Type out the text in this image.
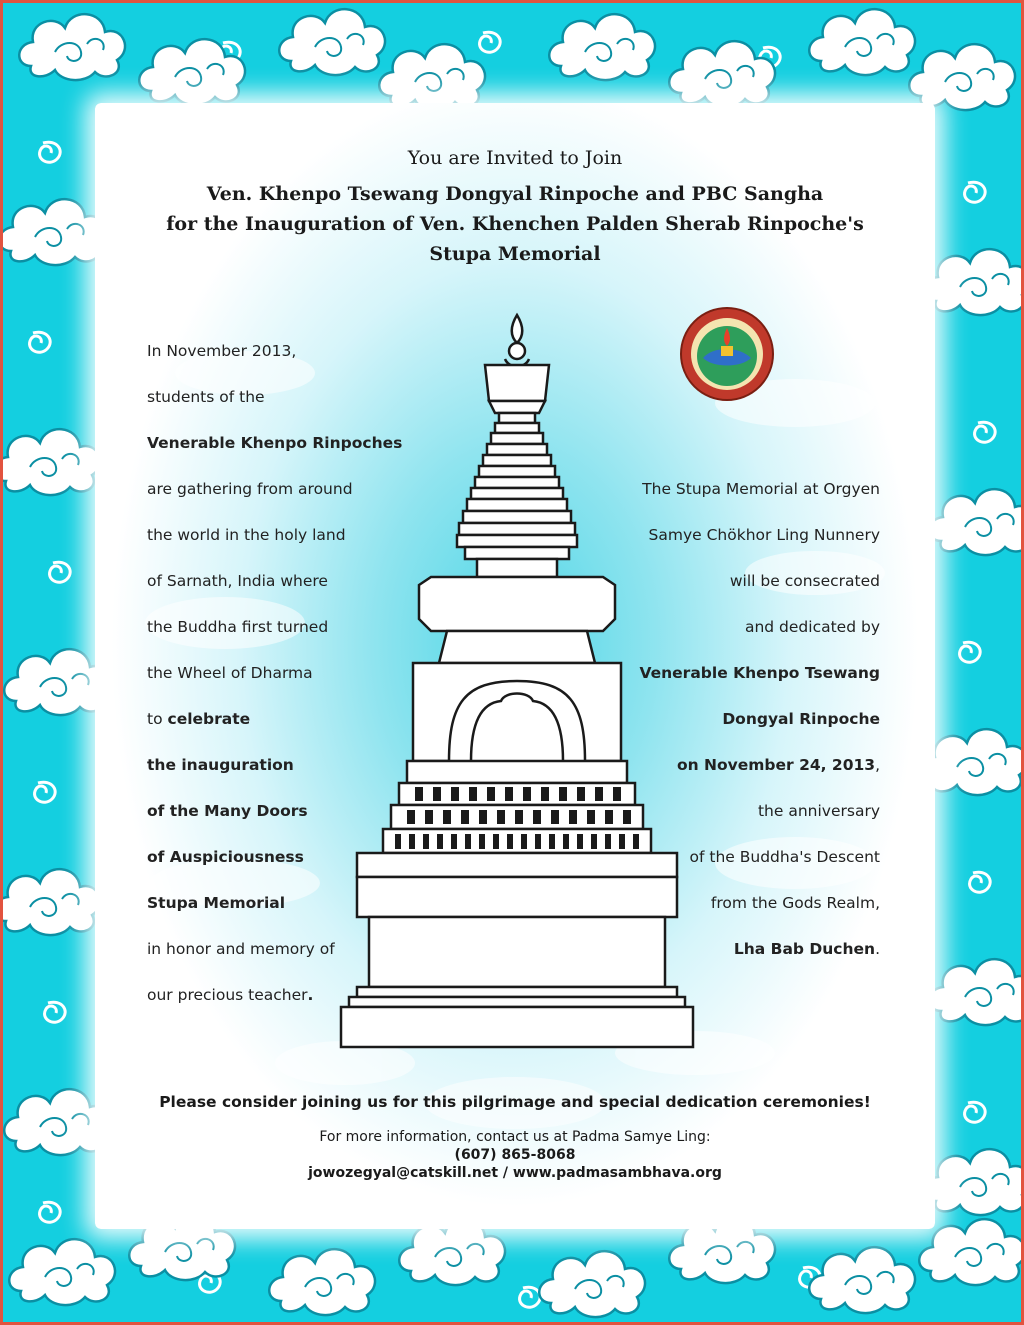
You are Invited to Join
Ven. Khenpo Tsewang Dongyal Rinpoche and PBC Sangha
for the Inauguration of Ven. Khenchen Palden Sherab Rinpoche's
Stupa Memorial
In November 2013,
students of the
Venerable Khenpo Rinpoches
are gathering from around
the world in the holy land
of Sarnath, India where
the Buddha first turned
the Wheel of Dharma
to celebrate
the inauguration
of the Many Doors
of Auspiciousness
Stupa Memorial
in honor and memory of
our precious teacher.
The Stupa Memorial at Orgyen
Samye Chökhor Ling Nunnery
will be consecrated
and dedicated by
Venerable Khenpo Tsewang
Dongyal Rinpoche
on November 24, 2013,
the anniversary
of the Buddha's Descent
from the Gods Realm,
Lha Bab Duchen.
Please consider joining us for this pilgrimage and special dedication ceremonies!
For more information, contact us at Padma Samye Ling:
(607) 865-8068
jowozegyal@catskill.net / www.padmasambhava.org
